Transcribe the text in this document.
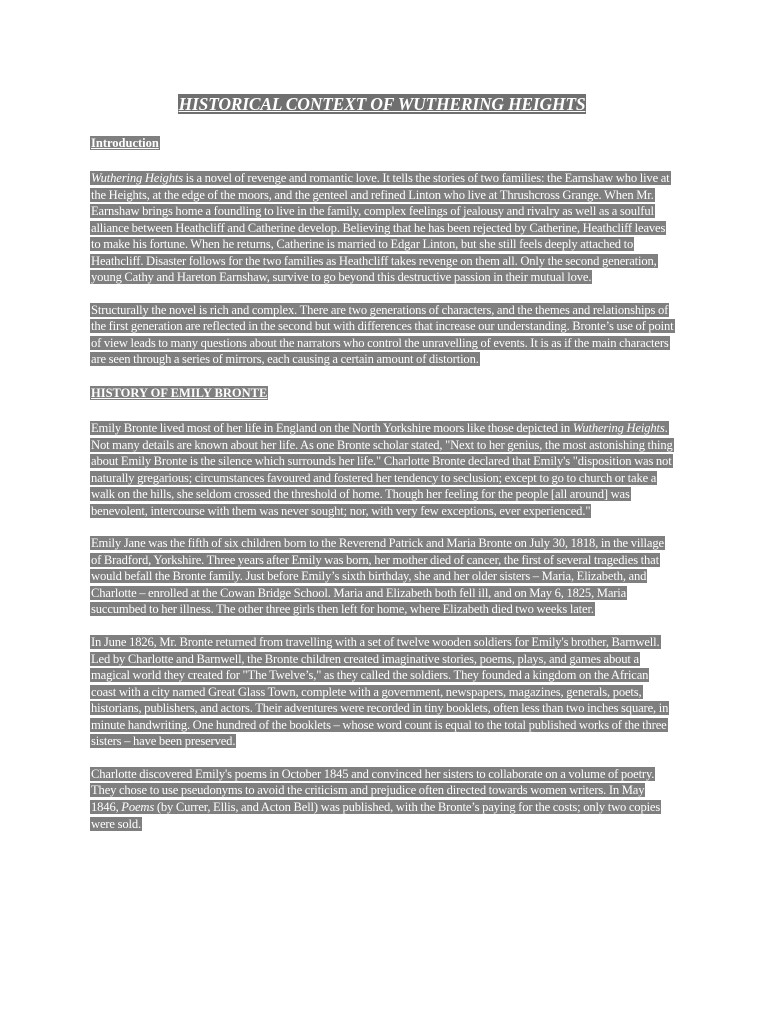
HISTORICAL CONTEXT OF WUTHERING HEIGHTS
Introduction
Wuthering Heights is a novel of revenge and romantic love. It tells the stories of two families: the Earnshaw who live at the Heights, at the edge of the moors, and the genteel and refined Linton who live at Thrushcross Grange. When Mr. Earnshaw brings home a foundling to live in the family, complex feelings of jealousy and rivalry as well as a soulful alliance between Heathcliff and Catherine develop. Believing that he has been rejected by Catherine, Heathcliff leaves to make his fortune. When he returns, Catherine is married to Edgar Linton, but she still feels deeply attached to Heathcliff. Disaster follows for the two families as Heathcliff takes revenge on them all. Only the second generation, young Cathy and Hareton Earnshaw, survive to go beyond this destructive passion in their mutual love.
Structurally the novel is rich and complex. There are two generations of characters, and the themes and relationships of the first generation are reflected in the second but with differences that increase our understanding. Bronte’s use of point of view leads to many questions about the narrators who control the unravelling of events. It is as if the main characters are seen through a series of mirrors, each causing a certain amount of distortion.
HISTORY OF EMILY BRONTE
Emily Bronte lived most of her life in England on the North Yorkshire moors like those depicted in Wuthering Heights. Not many details are known about her life. As one Bronte scholar stated, "Next to her genius, the most astonishing thing about Emily Bronte is the silence which surrounds her life." Charlotte Bronte declared that Emily's "disposition was not naturally gregarious; circumstances favoured and fostered her tendency to seclusion; except to go to church or take a walk on the hills, she seldom crossed the threshold of home. Though her feeling for the people [all around] was benevolent, intercourse with them was never sought; nor, with very few exceptions, ever experienced."
Emily Jane was the fifth of six children born to the Reverend Patrick and Maria Bronte on July 30, 1818, in the village of Bradford, Yorkshire. Three years after Emily was born, her mother died of cancer, the first of several tragedies that would befall the Bronte family. Just before Emily’s sixth birthday, she and her older sisters – Maria, Elizabeth, and Charlotte – enrolled at the Cowan Bridge School. Maria and Elizabeth both fell ill, and on May 6, 1825, Maria succumbed to her illness. The other three girls then left for home, where Elizabeth died two weeks later.
In June 1826, Mr. Bronte returned from travelling with a set of twelve wooden soldiers for Emily's brother, Barnwell. Led by Charlotte and Barnwell, the Bronte children created imaginative stories, poems, plays, and games about a magical world they created for "The Twelve’s," as they called the soldiers. They founded a kingdom on the African coast with a city named Great Glass Town, complete with a government, newspapers, magazines, generals, poets, historians, publishers, and actors. Their adventures were recorded in tiny booklets, often less than two inches square, in minute handwriting. One hundred of the booklets – whose word count is equal to the total published works of the three sisters – have been preserved.
Charlotte discovered Emily's poems in October 1845 and convinced her sisters to collaborate on a volume of poetry. They chose to use pseudonyms to avoid the criticism and prejudice often directed towards women writers. In May 1846, Poems (by Currer, Ellis, and Acton Bell) was published, with the Bronte’s paying for the costs; only two copies were sold.
